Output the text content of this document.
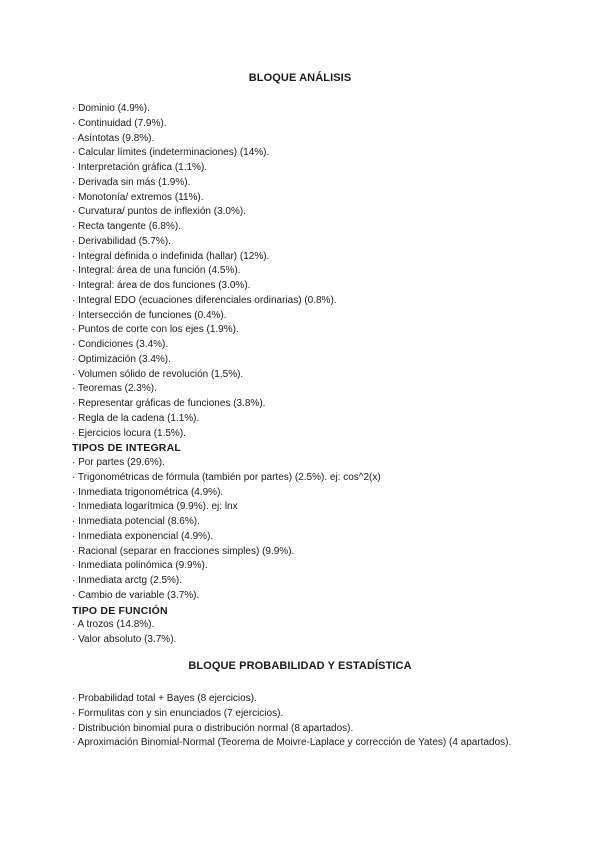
BLOQUE ANÁLISIS
· Dominio (4.9%).
· Continuidad (7.9%).
· Asíntotas (9.8%).
· Calcular límites (indeterminaciones) (14%).
· Interpretación gráfica (1.1%).
· Derivada sin más (1.9%).
· Monotonía/ extremos (11%).
· Curvatura/ puntos de inflexión (3.0%).
· Recta tangente (6.8%).
· Derivabilidad (5.7%).
· Integral definida o indefinida (hallar) (12%).
· Integral: área de una función (4.5%).
· Integral: área de dos funciones (3.0%).
· Integral EDO (ecuaciones diferenciales ordinarias) (0.8%).
· Intersección de funciones (0.4%).
· Puntos de corte con los ejes (1.9%).
· Condiciones (3.4%).
· Optimización (3.4%).
· Volumen sólido de revolución (1.5%).
· Teoremas (2.3%).
· Representar gráficas de funciones (3.8%).
· Regla de la cadena (1.1%).
· Ejercicios locura (1.5%).
TIPOS DE INTEGRAL
· Por partes (29.6%).
· Trigonométricas de fórmula (también por partes) (2.5%). ej: cos^2(x)
· Inmediata trigonométrica (4.9%).
· Inmediata logarítmica (9.9%). ej: lnx
· Inmediata potencial (8.6%).
· Inmediata exponencial (4.9%).
· Racional (separar en fracciones simples) (9.9%).
· Inmediata polinómica (9.9%).
· Inmediata arctg (2.5%).
· Cambio de variable (3.7%).
TIPO DE FUNCIÓN
· A trozos (14.8%).
· Valor absoluto (3.7%).
BLOQUE PROBABILIDAD Y ESTADÍSTICA
· Probabilidad total + Bayes (8 ejercicios).
· Formulitas con y sin enunciados (7 ejercicios).
· Distribución binomial pura o distribución normal (8 apartados).
· Aproximación Binomial-Normal (Teorema de Moivre-Laplace y corrección de Yates) (4 apartados).
